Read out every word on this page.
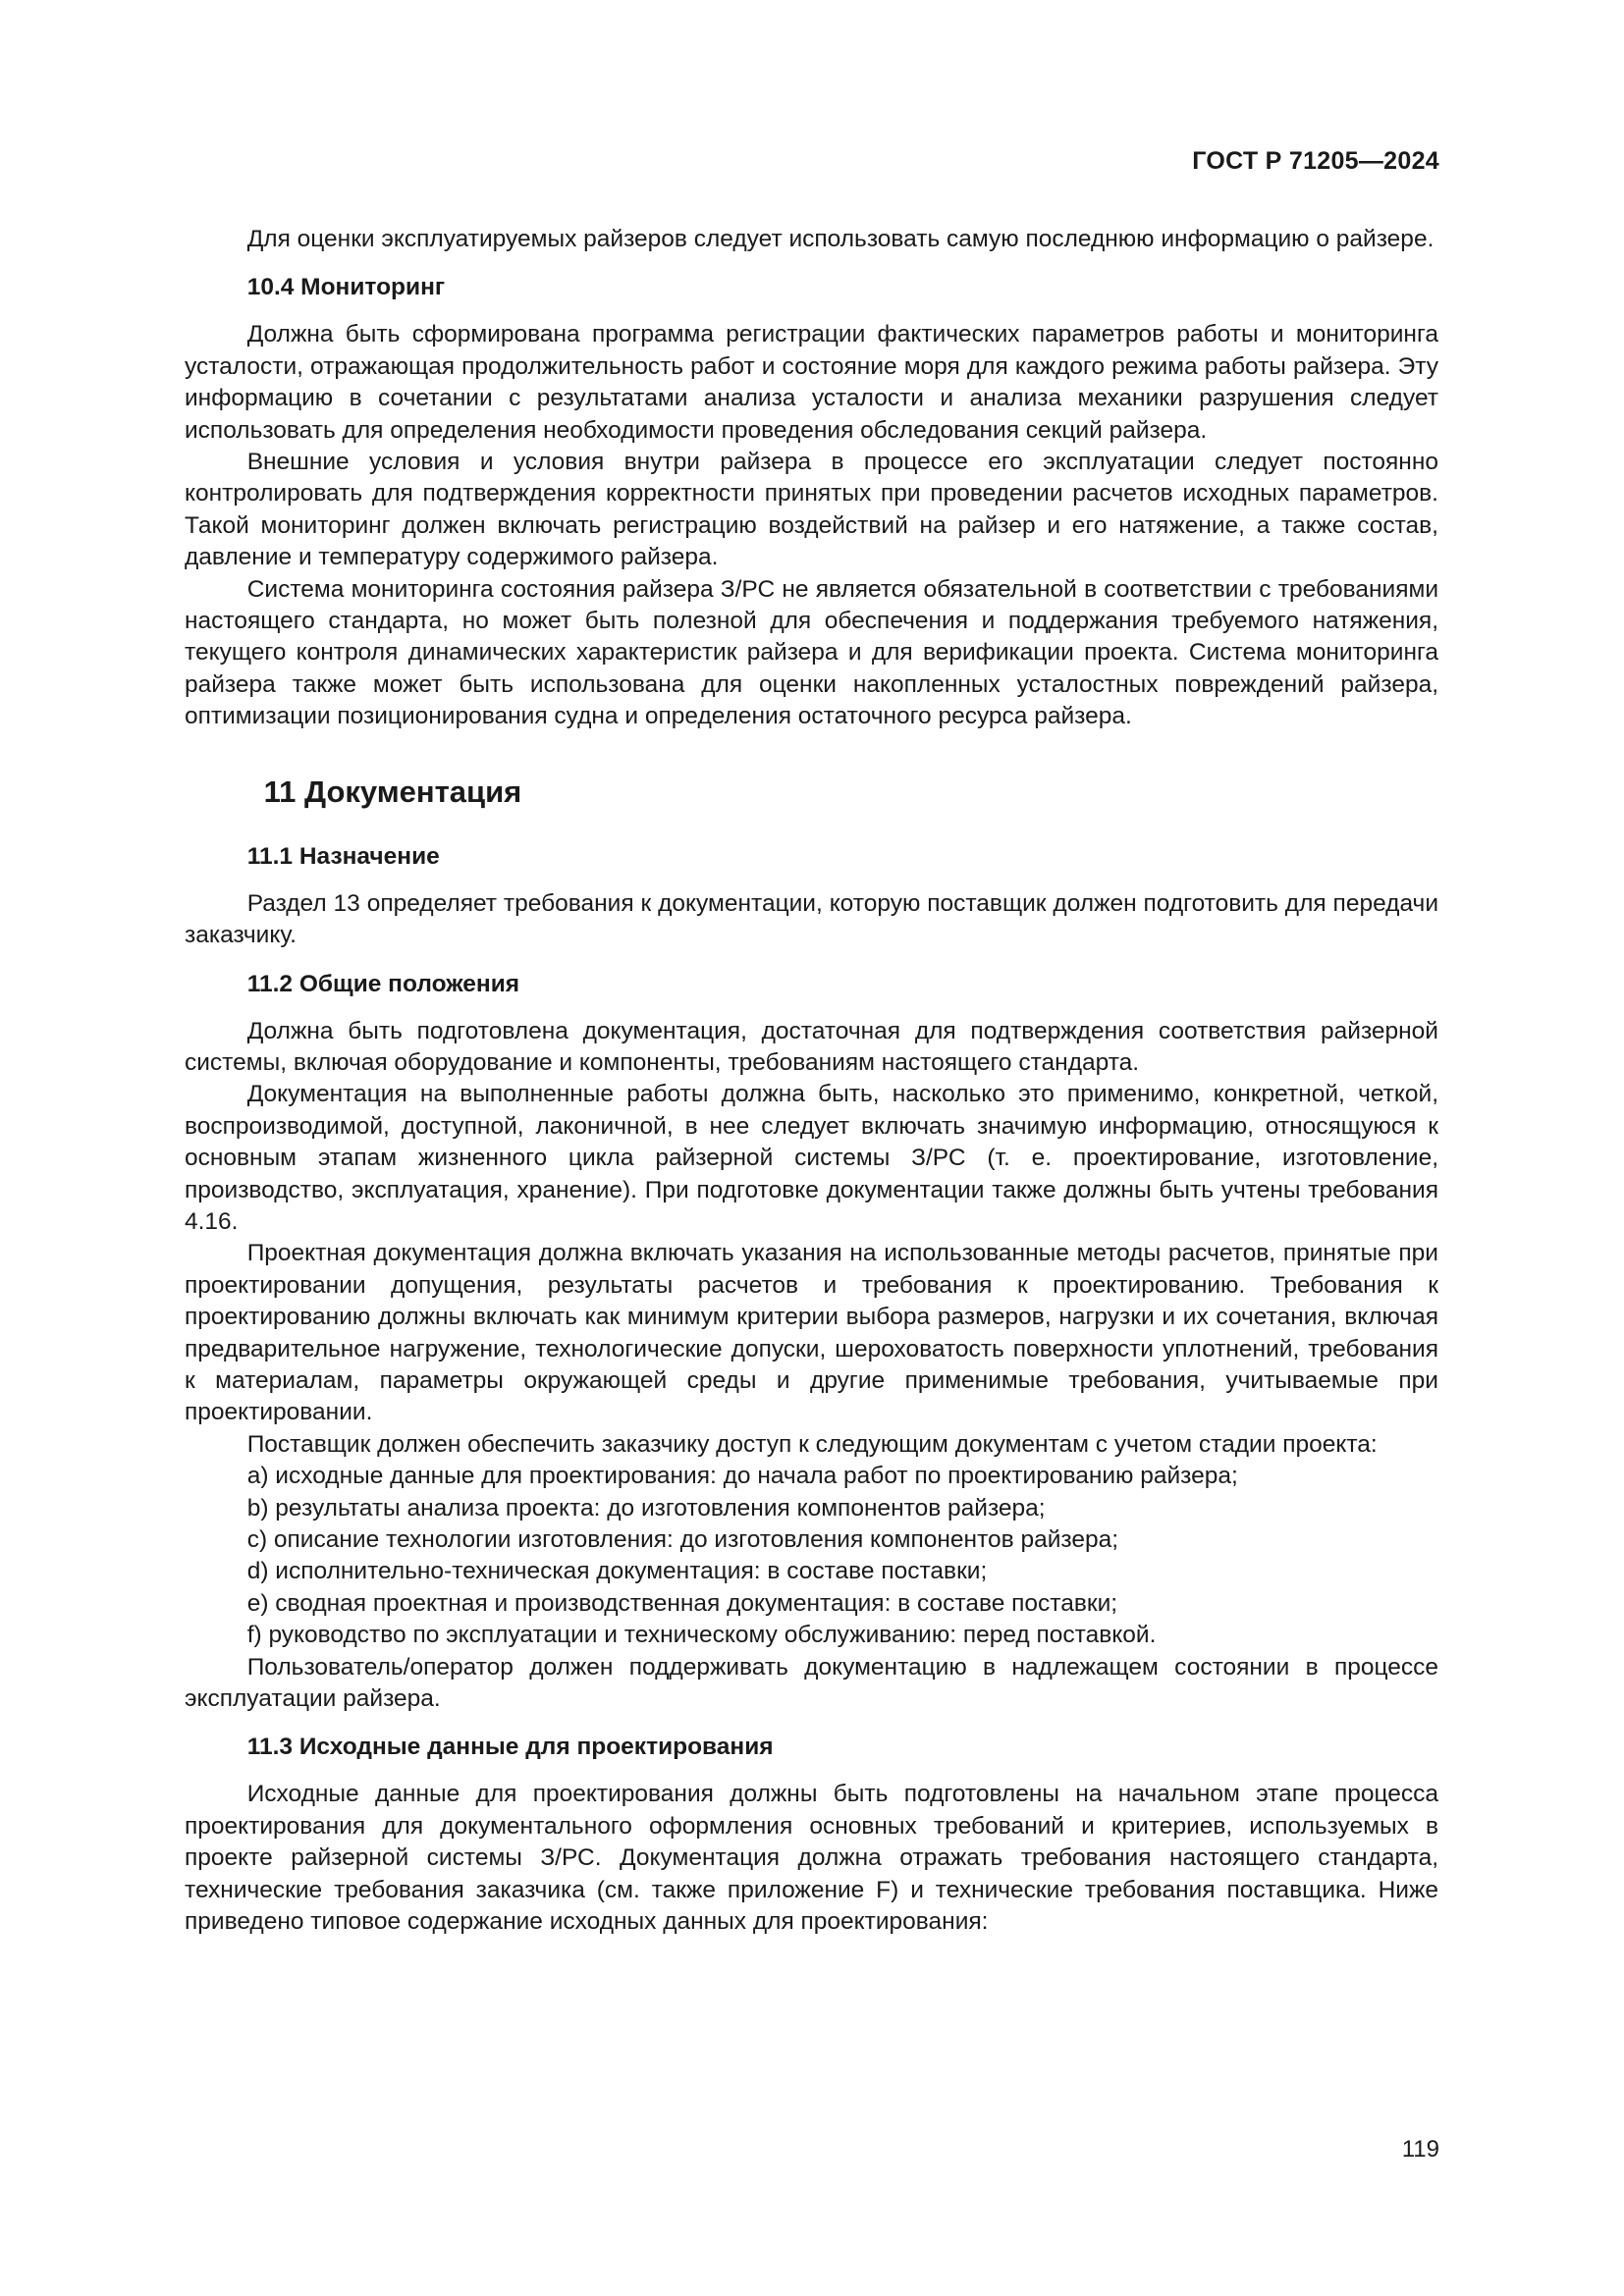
ГОСТ Р 71205—2024

Для оценки эксплуатируемых райзеров следует использовать самую последнюю информацию о райзере.

10.4 Мониторинг

Должна быть сформирована программа регистрации фактических параметров работы и мониторинга усталости, отражающая продолжительность работ и состояние моря для каждого режима работы райзера. Эту информацию в сочетании с результатами анализа усталости и анализа механики разрушения следует использовать для определения необходимости проведения обследования секций райзера.

Внешние условия и условия внутри райзера в процессе его эксплуатации следует постоянно контролировать для подтверждения корректности принятых при проведении расчетов исходных параметров. Такой мониторинг должен включать регистрацию воздействий на райзер и его натяжение, а также состав, давление и температуру содержимого райзера.

Система мониторинга состояния райзера З/РС не является обязательной в соответствии с требованиями настоящего стандарта, но может быть полезной для обеспечения и поддержания требуемого натяжения, текущего контроля динамических характеристик райзера и для верификации проекта. Система мониторинга райзера также может быть использована для оценки накопленных усталостных повреждений райзера, оптимизации позиционирования судна и определения остаточного ресурса райзера.

11 Документация
11.1 Назначение

Раздел 13 определяет требования к документации, которую поставщик должен подготовить для передачи заказчику.

11.2 Общие положения

Должна быть подготовлена документация, достаточная для подтверждения соответствия райзерной системы, включая оборудование и компоненты, требованиям настоящего стандарта.

Документация на выполненные работы должна быть, насколько это применимо, конкретной, четкой, воспроизводимой, доступной, лаконичной, в нее следует включать значимую информацию, относящуюся к основным этапам жизненного цикла райзерной системы З/РС (т. е. проектирование, изготовление, производство, эксплуатация, хранение). При подготовке документации также должны быть учтены требования 4.16.

Проектная документация должна включать указания на использованные методы расчетов, принятые при проектировании допущения, результаты расчетов и требования к проектированию. Требования к проектированию должны включать как минимум критерии выбора размеров, нагрузки и их сочетания, включая предварительное нагружение, технологические допуски, шероховатость поверхности уплотнений, требования к материалам, параметры окружающей среды и другие применимые требования, учитываемые при проектировании.

Поставщик должен обеспечить заказчику доступ к следующим документам с учетом стадии проекта:

а) исходные данные для проектирования: до начала работ по проектированию райзера;

b) результаты анализа проекта: до изготовления компонентов райзера;

с) описание технологии изготовления: до изготовления компонентов райзера;

d) исполнительно-техническая документация: в составе поставки;

е) сводная проектная и производственная документация: в составе поставки;

f) руководство по эксплуатации и техническому обслуживанию: перед поставкой.

Пользователь/оператор должен поддерживать документацию в надлежащем состоянии в процессе эксплуатации райзера.

11.3 Исходные данные для проектирования

Исходные данные для проектирования должны быть подготовлены на начальном этапе процесса проектирования для документального оформления основных требований и критериев, используемых в проекте райзерной системы З/РС. Документация должна отражать требования настоящего стандарта, технические требования заказчика (см. также приложение F) и технические требования поставщика. Ниже приведено типовое содержание исходных данных для проектирования:

119
